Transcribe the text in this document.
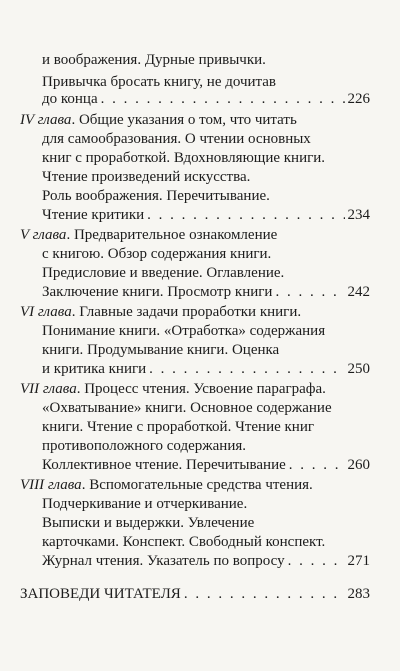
и воображения. Дурные привычки.
Привычка бросать книгу, не дочитав
до конца . . .	226
IV глава. Общие указания о том, что читать
для самообразования. О чтении основных
книг с проработкой. Вдохновляющие книги.
Чтение произведений искусства.
Роль воображения. Перечитывание.
Чтение критики . . .	234
V глава. Предварительное ознакомление
с книгою. Обзор содержания книги.
Предисловие и введение. Оглавление.
Заключение книги. Просмотр книги . . .	242
VI глава. Главные задачи проработки книги.
Понимание книги. «Отработка» содержания
книги. Продумывание книги. Оценка
и критика книги . . .	250
VII глава. Процесс чтения. Усвоение параграфа.
«Охватывание» книги. Основное содержание
книги. Чтение с проработкой. Чтение книг
противоположного содержания.
Коллективное чтение. Перечитывание . . .	260
VIII глава. Вспомогательные средства чтения.
Подчеркивание и отчеркивание.
Выписки и выдержки. Увлечение
карточками. Конспект. Свободный конспект.
Журнал чтения. Указатель по вопросу . . .	271
ЗАПОВЕДИ ЧИТАТЕЛЯ . . .	283
